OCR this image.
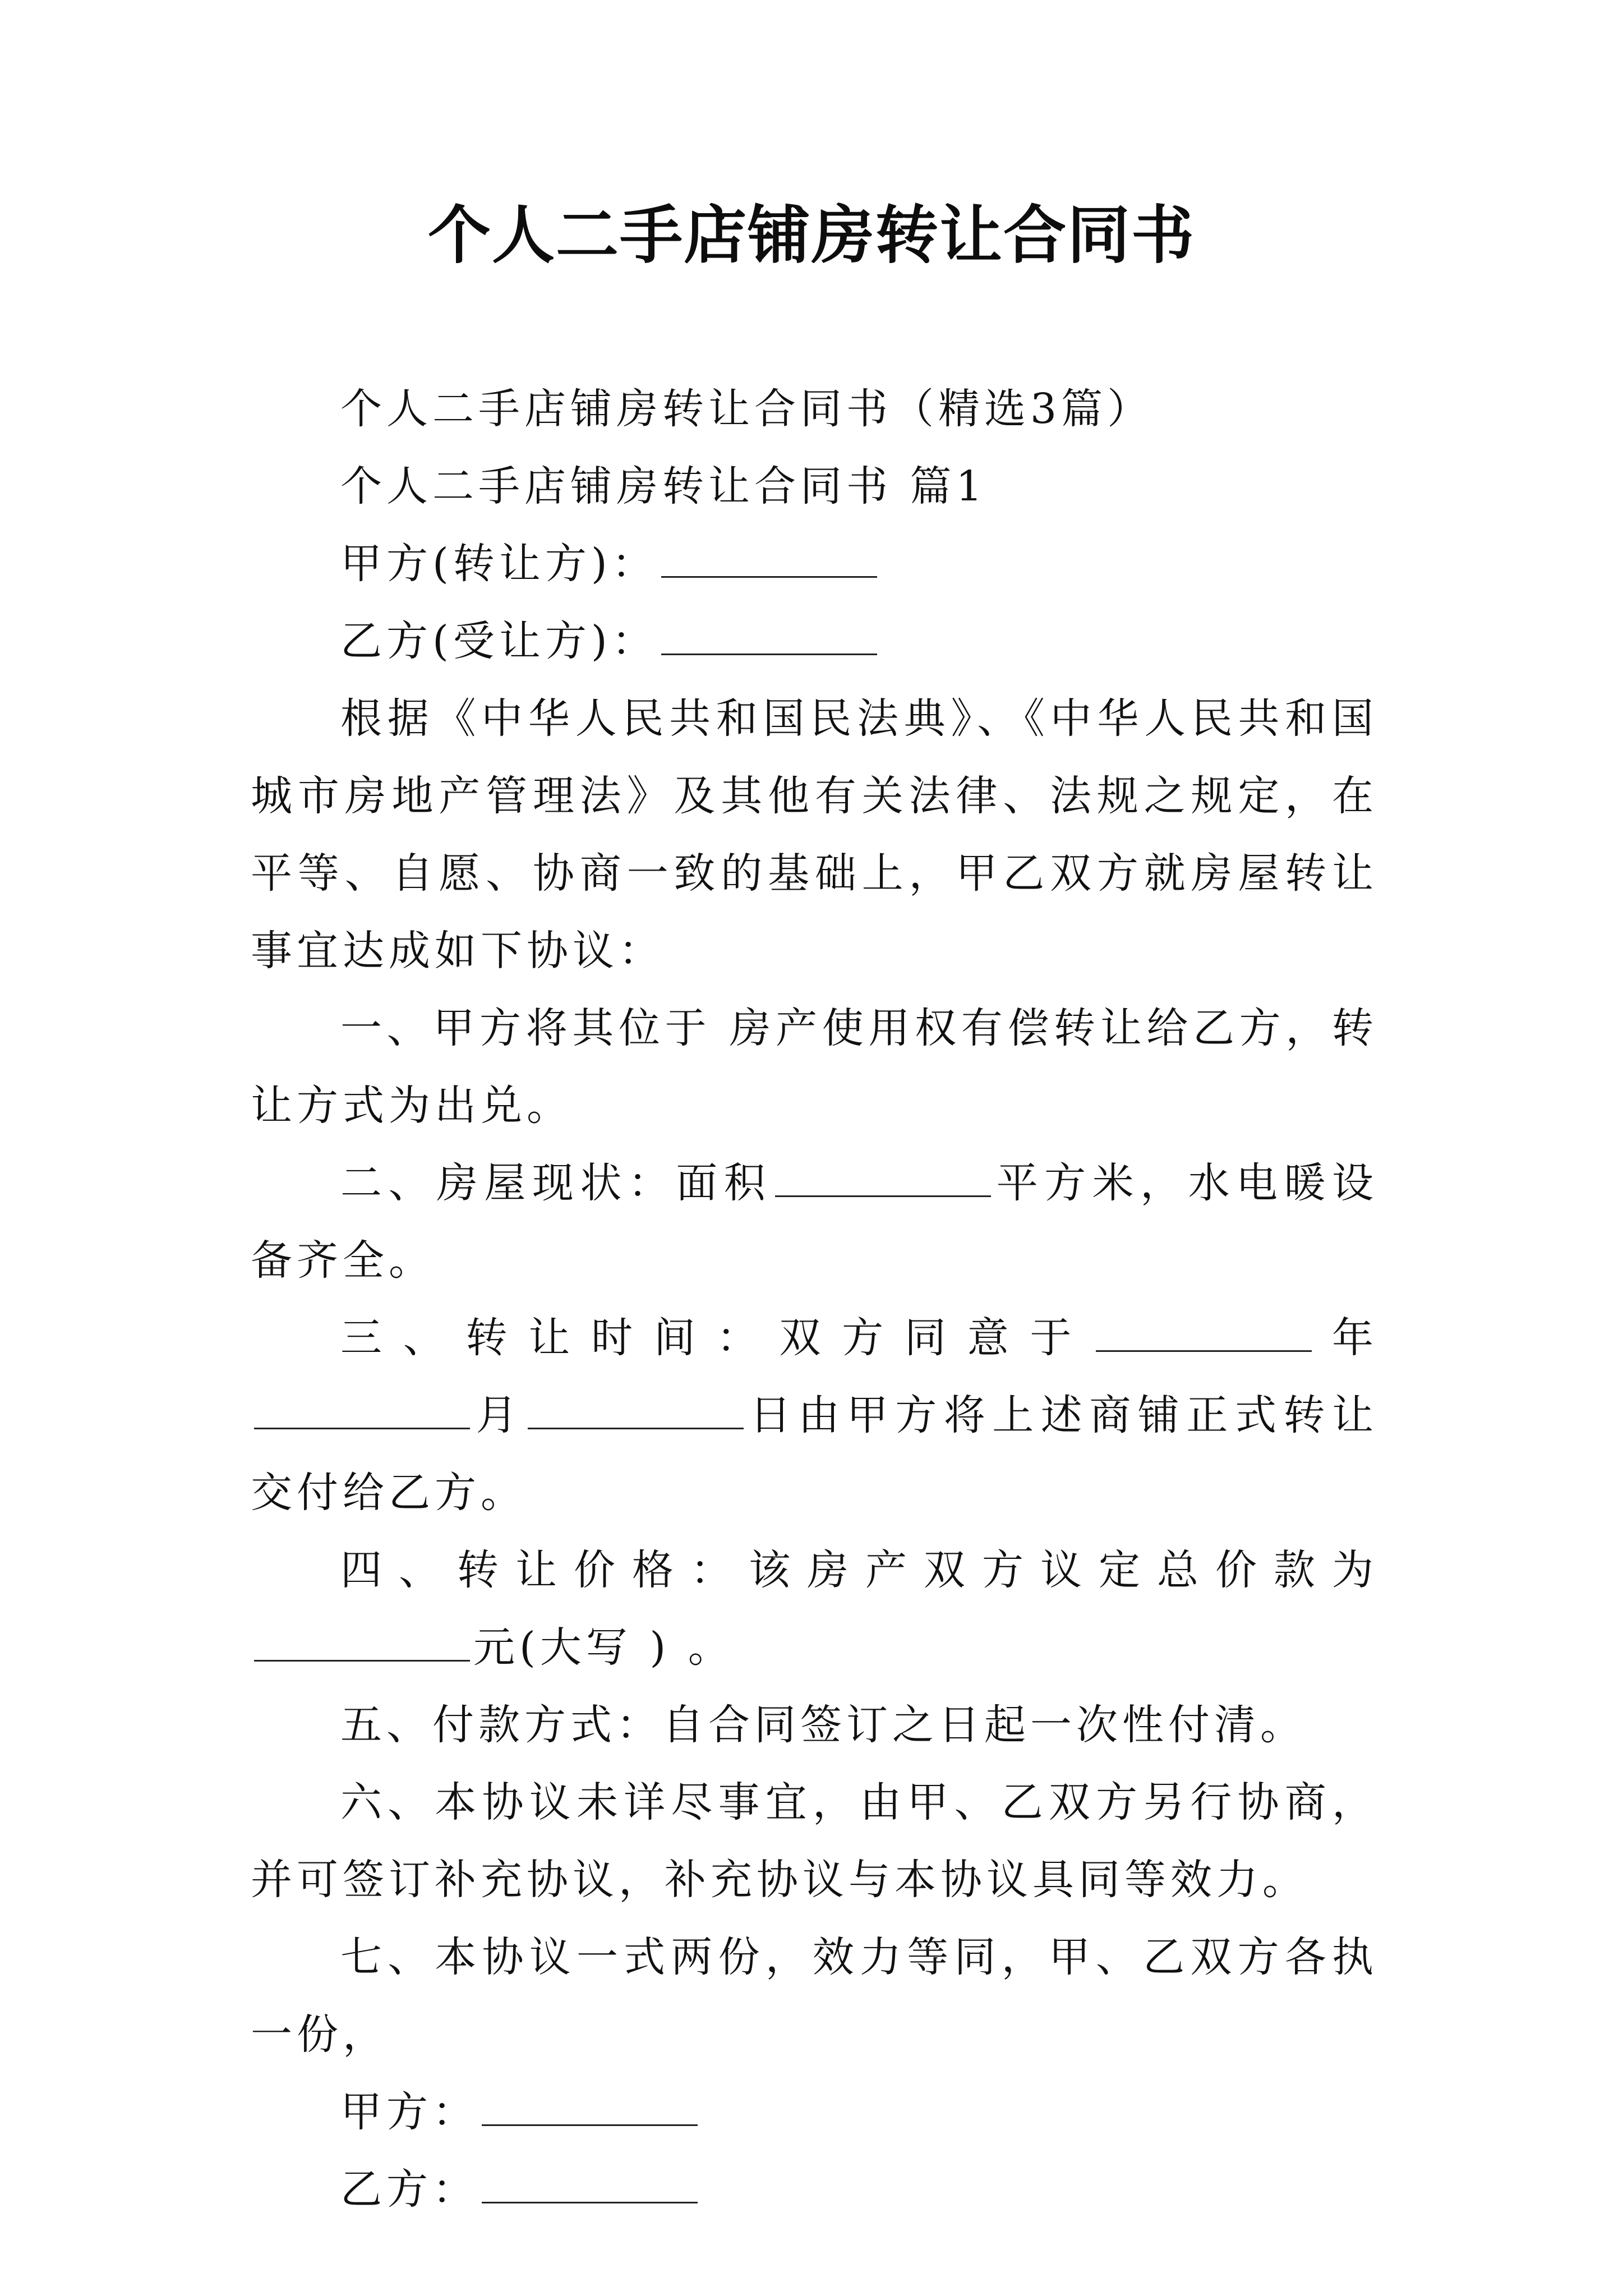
个人二手店铺房转让合同书

个人二手店铺房转让合同书（精选3篇）

个人二手店铺房转让合同书 篇1

甲方(转让方)：

乙方(受让方)：

根据《中华人民共和国民法典》、《中华人民共和国城市房地产管理法》及其他有关法律、法规之规定，在平等、自愿、协商一致的基础上，甲乙双方就房屋转让事宜达成如下协议：

一、甲方将其位于 房产使用权有偿转让给乙方，转让方式为出兑。

二、房屋现状：面积	平方米，水电暖设备齐全。

三、转让时间：双方同意于	年月	日由甲方将上述商铺正式转让交付给乙方。

四、转让价格：该房产双方议定总价款为元(大写 ) 。

五、付款方式：自合同签订之日起一次性付清。

六、本协议未详尽事宜，由甲、乙双方另行协商，并可签订补充协议，补充协议与本协议具同等效力。

七、本协议一式两份，效力等同，甲、乙双方各执一份，

甲方：

乙方：
